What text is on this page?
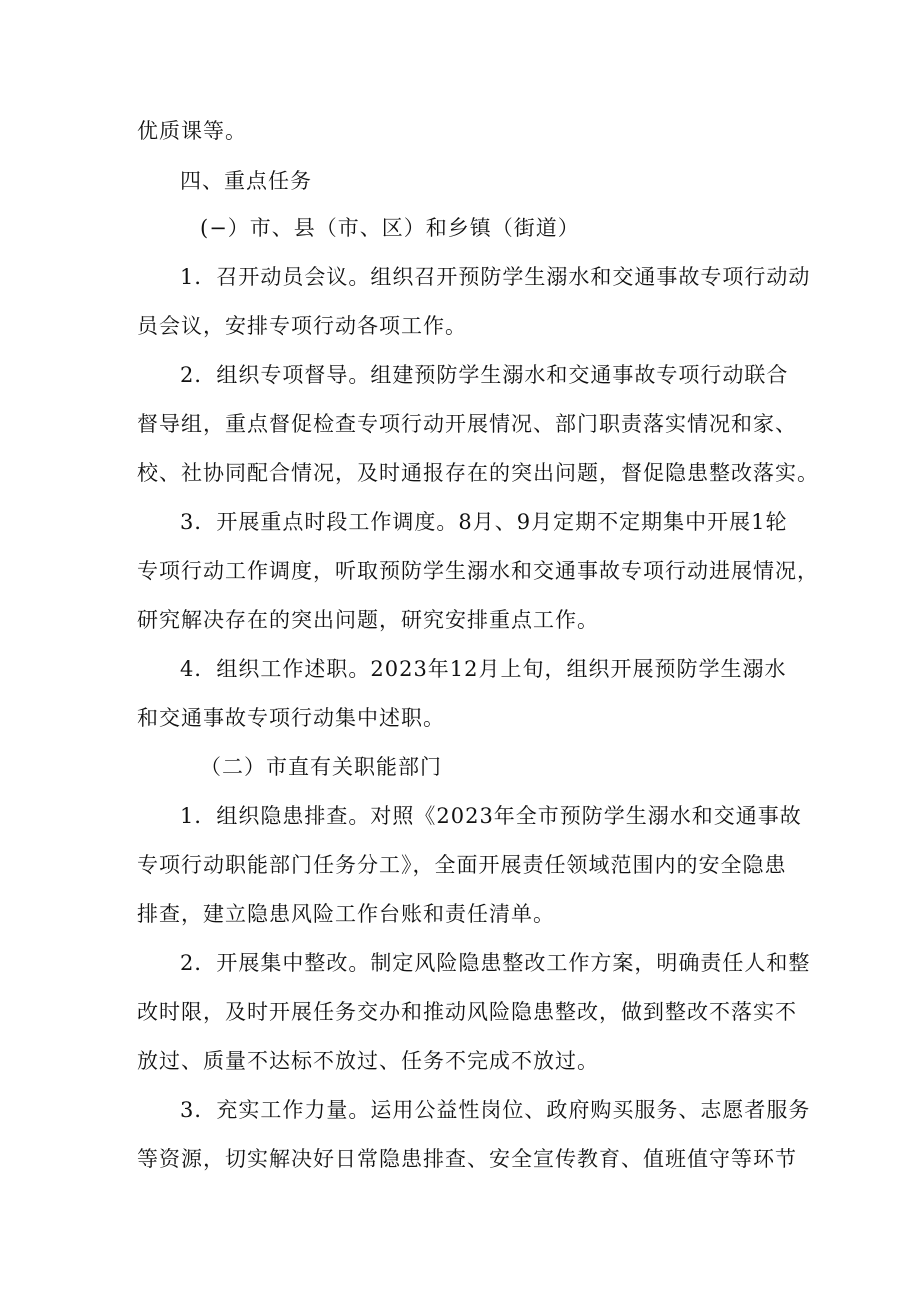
优质课等。
四、重点任务
(−）市、县（市、区）和乡镇（街道）
1．召开动员会议。组织召开预防学生溺水和交通事故专项行动动
员会议，安排专项行动各项工作。
2．组织专项督导。组建预防学生溺水和交通事故专项行动联合
督导组，重点督促检查专项行动开展情况、部门职责落实情况和家、
校、社协同配合情况，及时通报存在的突出问题，督促隐患整改落实。
3．开展重点时段工作调度。8月、9月定期不定期集中开展1轮
专项行动工作调度，听取预防学生溺水和交通事故专项行动进展情况，
研究解决存在的突出问题，研究安排重点工作。
4．组织工作述职。2023年12月上旬，组织开展预防学生溺水
和交通事故专项行动集中述职。
（二）市直有关职能部门
1．组织隐患排查。对照《2023年全市预防学生溺水和交通事故
专项行动职能部门任务分工》，全面开展责任领域范围内的安全隐患
排查，建立隐患风险工作台账和责任清单。
2．开展集中整改。制定风险隐患整改工作方案，明确责任人和整
改时限，及时开展任务交办和推动风险隐患整改，做到整改不落实不
放过、质量不达标不放过、任务不完成不放过。
3．充实工作力量。运用公益性岗位、政府购买服务、志愿者服务
等资源，切实解决好日常隐患排查、安全宣传教育、值班值守等环节
